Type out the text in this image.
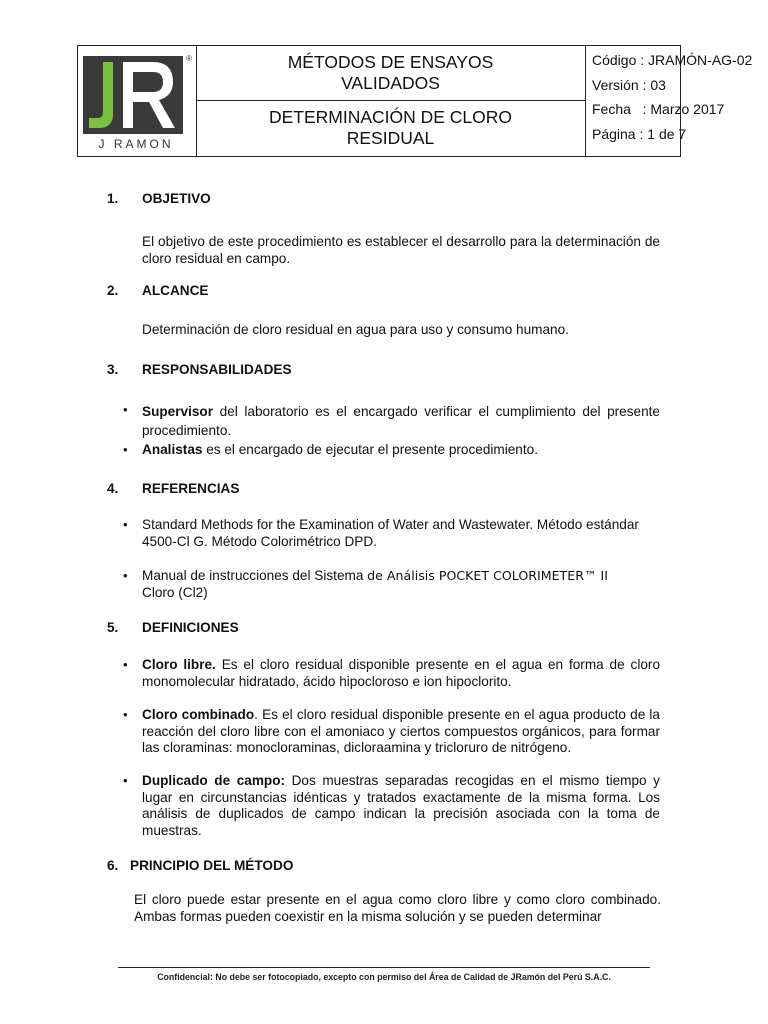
®
J RAMON
MÉTODOS DE ENSAYOS
VALIDADOS
DETERMINACIÓN DE CLORO
RESIDUAL
Código : JRAMÓN-AG-02
Versión : 03
Fecha   : Marzo 2017
Página : 1 de 7
1. OBJETIVO
El objetivo de este procedimiento es establecer el desarrollo para la determinación de cloro residual en campo.
2. ALCANCE
Determinación de cloro residual en agua para uso y consumo humano.
3. RESPONSABILIDADES
• Supervisor del laboratorio es el encargado verificar el cumplimiento del presente procedimiento.
• Analistas es el encargado de ejecutar el presente procedimiento.
4. REFERENCIAS
• Standard Methods for the Examination of Water and Wastewater. Método estándar 4500-Cl G. Método Colorimétrico DPD.
• Manual de instrucciones del Sistema de Análisis POCKET COLORIMETER™ II
Cloro (Cl2)
5. DEFINICIONES
• Cloro libre. Es el cloro residual disponible presente en el agua en forma de cloro monomolecular hidratado, ácido hipocloroso e ion hipoclorito.
• Cloro combinado. Es el cloro residual disponible presente en el agua producto de la reacción del cloro libre con el amoniaco y ciertos compuestos orgánicos, para formar las cloraminas: monocloraminas, dicloraamina y tricloruro de nitrógeno.
• Duplicado de campo: Dos muestras separadas recogidas en el mismo tiempo y lugar en circunstancias idénticas y tratados exactamente de la misma forma. Los análisis de duplicados de campo indican la precisión asociada con la toma de muestras.
6. PRINCIPIO DEL MÉTODO
El cloro puede estar presente en el agua como cloro libre y como cloro combinado. Ambas formas pueden coexistir en la misma solución y se pueden determinar
Confidencial: No debe ser fotocopiado, excepto con permiso del Área de Calidad de JRamón del Perú S.A.C.
